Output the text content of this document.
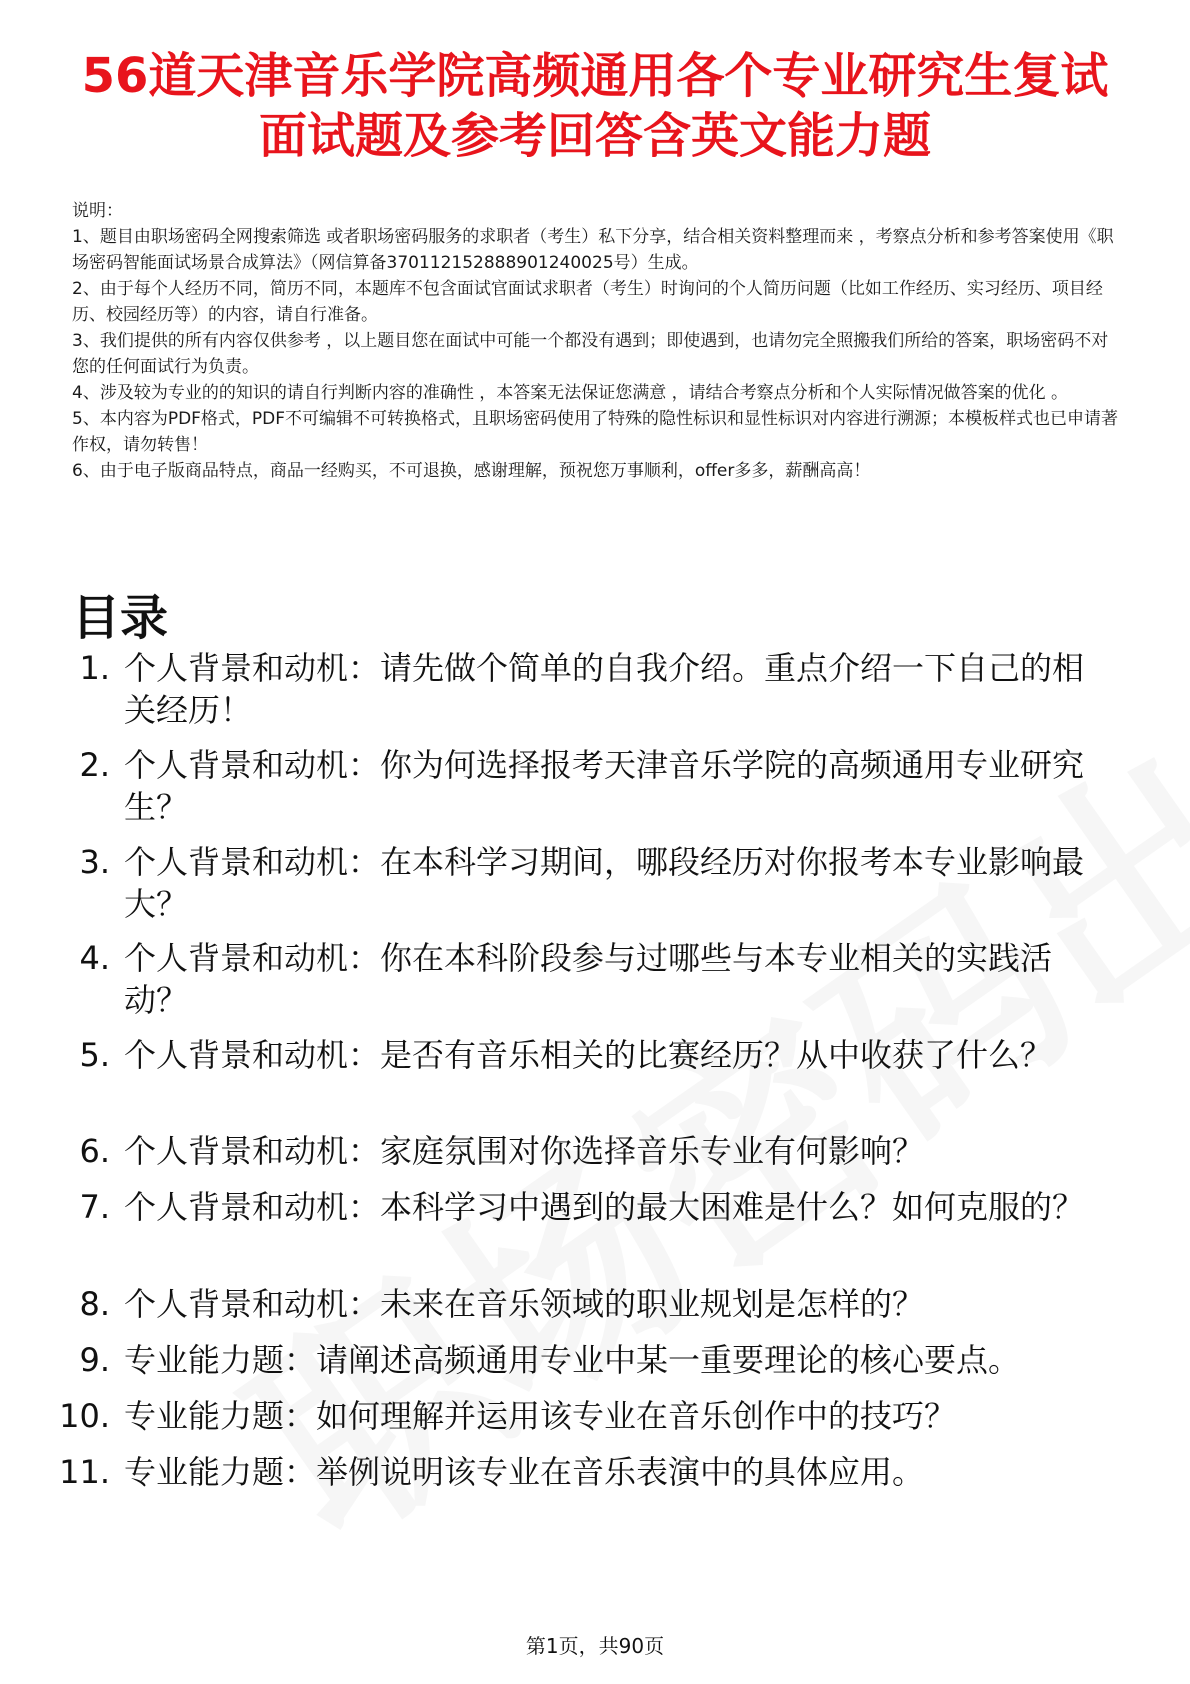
56道天津音乐学院高频通用各个专业研究生复试面试题及参考回答含英文能力题
说明：
1、题目由职场密码全网搜索筛选 或者职场密码服务的求职者（考生）私下分享，结合相关资料整理而来 ，考察点分析和参考答案使用《职场密码智能面试场景合成算法》（网信算备370112152888901240025号）生成。
2、由于每个人经历不同，简历不同，本题库不包含面试官面试求职者（考生）时询问的个人简历问题（比如工作经历、实习经历、项目经历、校园经历等）的内容，请自行准备。
3、我们提供的所有内容仅供参考 ，以上题目您在面试中可能一个都没有遇到；即使遇到，也请勿完全照搬我们所给的答案，职场密码不对您的任何面试行为负责。
4、涉及较为专业的的知识的请自行判断内容的准确性 ，本答案无法保证您满意 ，请结合考察点分析和个人实际情况做答案的优化 。
5、本内容为PDF格式，PDF不可编辑不可转换格式，且职场密码使用了特殊的隐性标识和显性标识对内容进行溯源；本模板样式也已申请著作权，请勿转售！
6、由于电子版商品特点，商品一经购买，不可退换，感谢理解，预祝您万事顺利，offer多多，薪酬高高！
目录
1. 个人背景和动机：请先做个简单的自我介绍。重点介绍一下自己的相关经历！
2. 个人背景和动机：你为何选择报考天津音乐学院的高频通用专业研究生？
3. 个人背景和动机：在本科学习期间，哪段经历对你报考本专业影响最大？
4. 个人背景和动机：你在本科阶段参与过哪些与本专业相关的实践活动？
5. 个人背景和动机：是否有音乐相关的比赛经历？从中收获了什么？
6. 个人背景和动机：家庭氛围对你选择音乐专业有何影响？
7. 个人背景和动机：本科学习中遇到的最大困难是什么？如何克服的？
8. 个人背景和动机：未来在音乐领域的职业规划是怎样的？
9. 专业能力题：请阐述高频通用专业中某一重要理论的核心要点。
10. 专业能力题：如何理解并运用该专业在音乐创作中的技巧？
11. 专业能力题：举例说明该专业在音乐表演中的具体应用。
第1页，共90页
